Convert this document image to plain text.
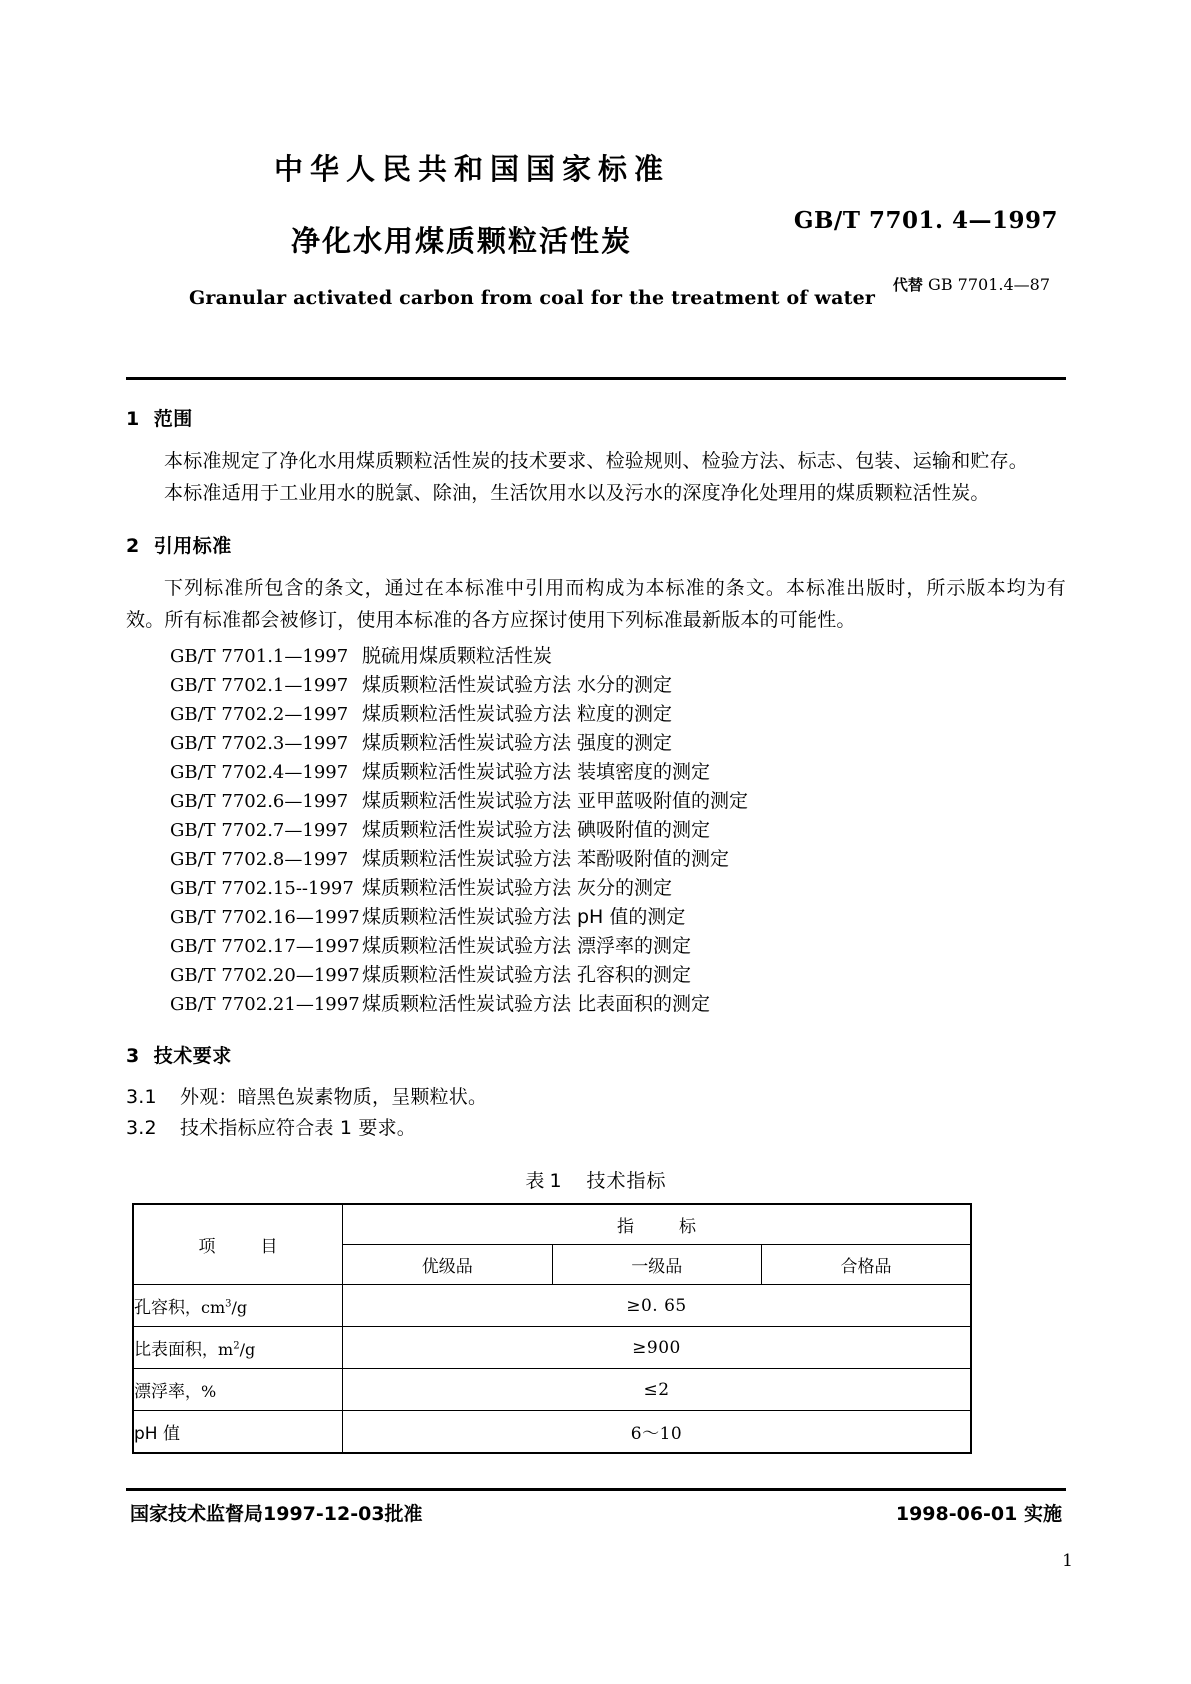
中华人民共和国国家标准
GB/T 7701. 4—1997
净化水用煤质颗粒活性炭
代替 GB 7701.4—87
Granular activated carbon from coal for the treatment of water
1 范围

本标准规定了净化水用煤质颗粒活性炭的技术要求、检验规则、检验方法、标志、包装、运输和贮存。

本标准适用于工业用水的脱氯、除油，生活饮用水以及污水的深度净化处理用的煤质颗粒活性炭。

2 引用标准

下列标准所包含的条文，通过在本标准中引用而构成为本标准的条文。本标准出版时，所示版本均为有效。所有标准都会被修订，使用本标准的各方应探讨使用下列标准最新版本的可能性。

GB/T 7701.1—1997 脱硫用煤质颗粒活性炭
GB/T 7702.1—1997 煤质颗粒活性炭试验方法 水分的测定
GB/T 7702.2—1997 煤质颗粒活性炭试验方法 粒度的测定
GB/T 7702.3—1997 煤质颗粒活性炭试验方法 强度的测定
GB/T 7702.4—1997 煤质颗粒活性炭试验方法 装填密度的测定
GB/T 7702.6—1997 煤质颗粒活性炭试验方法 亚甲蓝吸附值的测定
GB/T 7702.7—1997 煤质颗粒活性炭试验方法 碘吸附值的测定
GB/T 7702.8—1997 煤质颗粒活性炭试验方法 苯酚吸附值的测定
GB/T 7702.15--1997 煤质颗粒活性炭试验方法 灰分的测定
GB/T 7702.16—1997 煤质颗粒活性炭试验方法 pH 值的测定
GB/T 7702.17—1997 煤质颗粒活性炭试验方法 漂浮率的测定
GB/T 7702.20—1997 煤质颗粒活性炭试验方法 孔容积的测定
GB/T 7702.21—1997 煤质颗粒活性炭试验方法 比表面积的测定
3 技术要求

3.1 外观：暗黑色炭素物质，呈颗粒状。

3.2 技术指标应符合表 1 要求。

表 1　 技术指标
项　目	指　标		
	优级品	一级品	合格品
孔容积，$cm^3/g$	≥0. 65		
比表面积，$m^2/g$	≥900		
漂浮率，%	≤2		
pH 值	6～10		
国家技术监督局1997-12-03批准	1998-06-01 实施
1
